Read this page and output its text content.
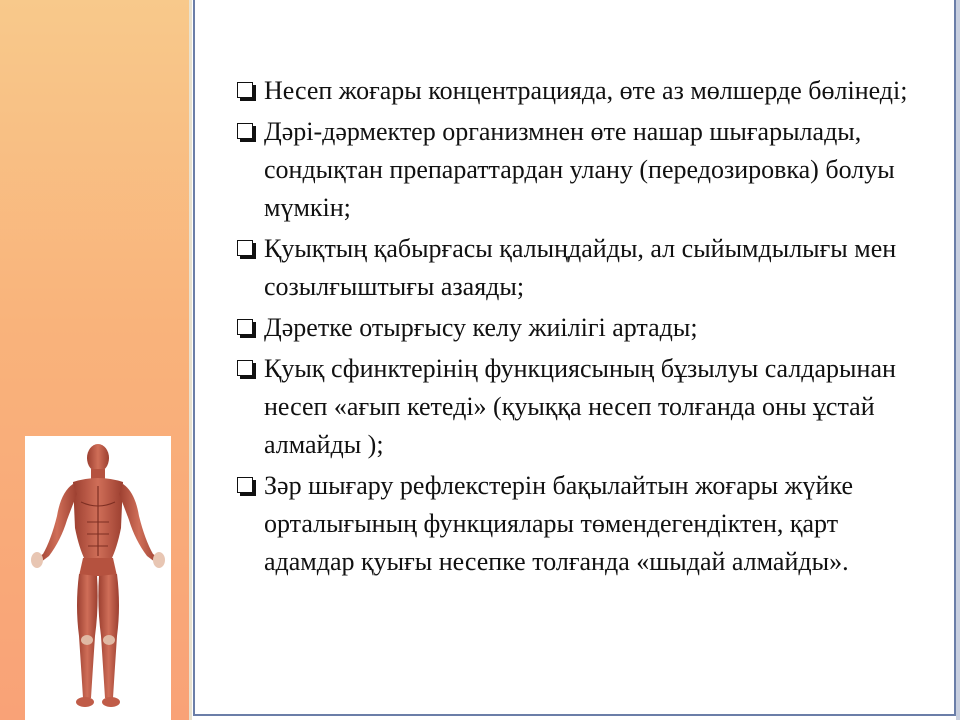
Несеп жоғары концентрацияда, өте аз мөлшерде бөлінеді;
Дәрі-дәрмектер организмнен өте нашар шығарылады, сондықтан препараттардан улану (передозировка) болуы мүмкін;
Қуықтың қабырғасы қалыңдайды, ал сыйымдылығы мен созылғыштығы азаяды;
Дәретке отырғысу келу жиілігі артады;
Қуық сфинктерінің функциясының бұзылуы салдарынан несеп «ағып кетеді» (қуыққа несеп толғанда оны ұстай алмайды );
Зәр шығару рефлекстерін бақылайтын жоғары жүйке орталығының функциялары төмендегендіктен, қарт адамдар қуығы несепке толғанда «шыдай алмайды».
